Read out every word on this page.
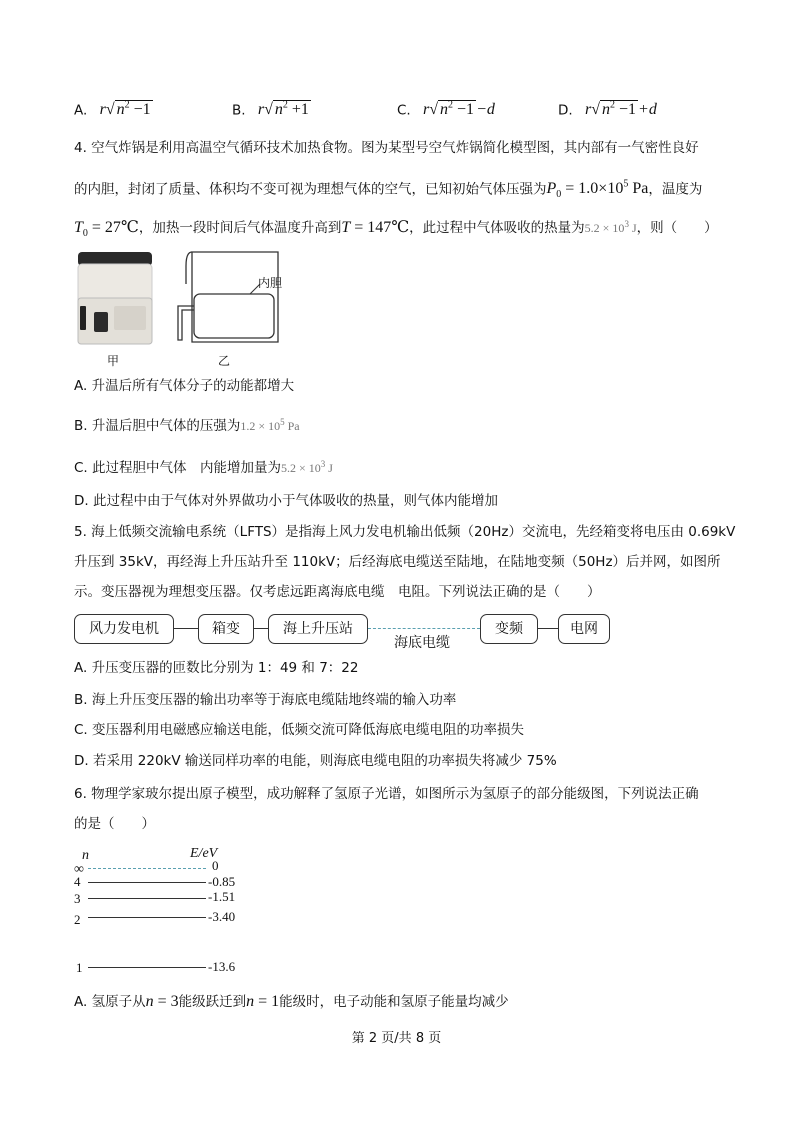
A. r√ $n^2 -1$	B. r√ $n^2 +1$	C. r√ $n^2 -1 -d$	D. r√ $n^2 -1 +d$
4. 空气炸锅是利用高温空气循环技术加热食物。图为某型号空气炸锅简化模型图，其内部有一气密性良好
的内胆，封闭了质量、体积均不变可视为理想气体的空气，已知初始气体压强为$P_0 = 1.0\times 10^5$ Pa，温度为
$T_0$ = 27℃，加热一段时间后气体温度升高到T = 147℃，此过程中气体吸收的热量为$5.2 \times 10^3$ J，则（　　）
甲
内胆
乙
A. 升温后所有气体分子的动能都增大
B. 升温后胆中气体的压强为$1.2 \times 10^5$ Pa
C. 此过程胆中气体　内能增加量为$5.2 \times 10^3$ J
D. 此过程中由于气体对外界做功小于气体吸收的热量，则气体内能增加
5. 海上低频交流输电系统（LFTS）是指海上风力发电机输出低频（20Hz）交流电，先经箱变将电压由 0.69kV
升压到 35kV，再经海上升压站升至 110kV；后经海底电缆送至陆地，在陆地变频（50Hz）后并网，如图所
示。变压器视为理想变压器。仅考虑远距离海底电缆　电阻。下列说法正确的是（　　）
风力发电机	箱变	海上升压站
海底电缆
变频	电网
A. 升压变压器的匝数比分别为 1：49 和 7：22
B. 海上升压变压器的输出功率等于海底电缆陆地终端的输入功率
C. 变压器利用电磁感应输送电能，低频交流可降低海底电缆电阻的功率损失
D. 若采用 220kV 输送同样功率的电能，则海底电缆电阻的功率损失将减少 75%
6. 物理学家玻尔提出原子模型，成功解释了氢原子光谱，如图所示为氢原子的部分能级图，下列说法正确
的是（　　）
n	E/eV
∞	0
4	-0.85
3	-1.51
2	-3.40
1	-13.6
A. 氢原子从n = 3能级跃迁到n = 1能级时，电子动能和氢原子能量均减少
第 2 页/共 8 页
